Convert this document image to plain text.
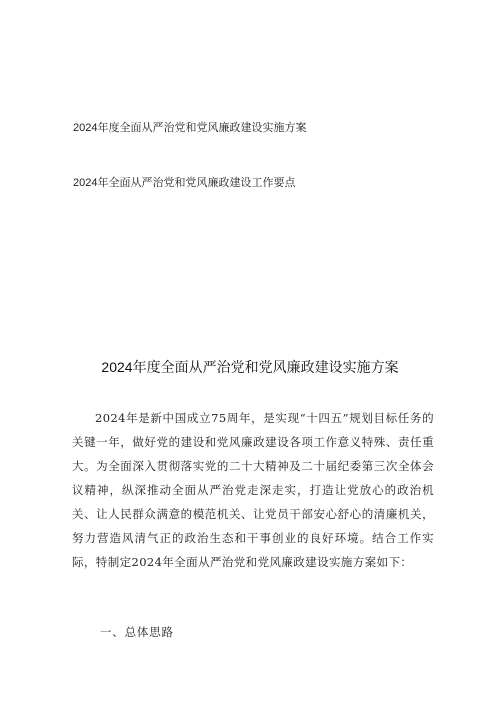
2024年度全面从严治党和党风廉政建设实施方案
2024年全面从严治党和党风廉政建设工作要点
2024年度全面从严治党和党风廉政建设实施方案

2024年是新中国成立75周年，是实现“十四五”规划目标任务的关键一年，做好党的建设和党风廉政建设各项工作意义特殊、责任重大。为全面深入贯彻落实党的二十大精神及二十届纪委第三次全体会议精神，纵深推动全面从严治党走深走实，打造让党放心的政治机关、让人民群众满意的模范机关、让党员干部安心舒心的清廉机关，努力营造风清气正的政治生态和干事创业的良好环境。结合工作实际，特制定2024年全面从严治党和党风廉政建设实施方案如下：

一、总体思路
